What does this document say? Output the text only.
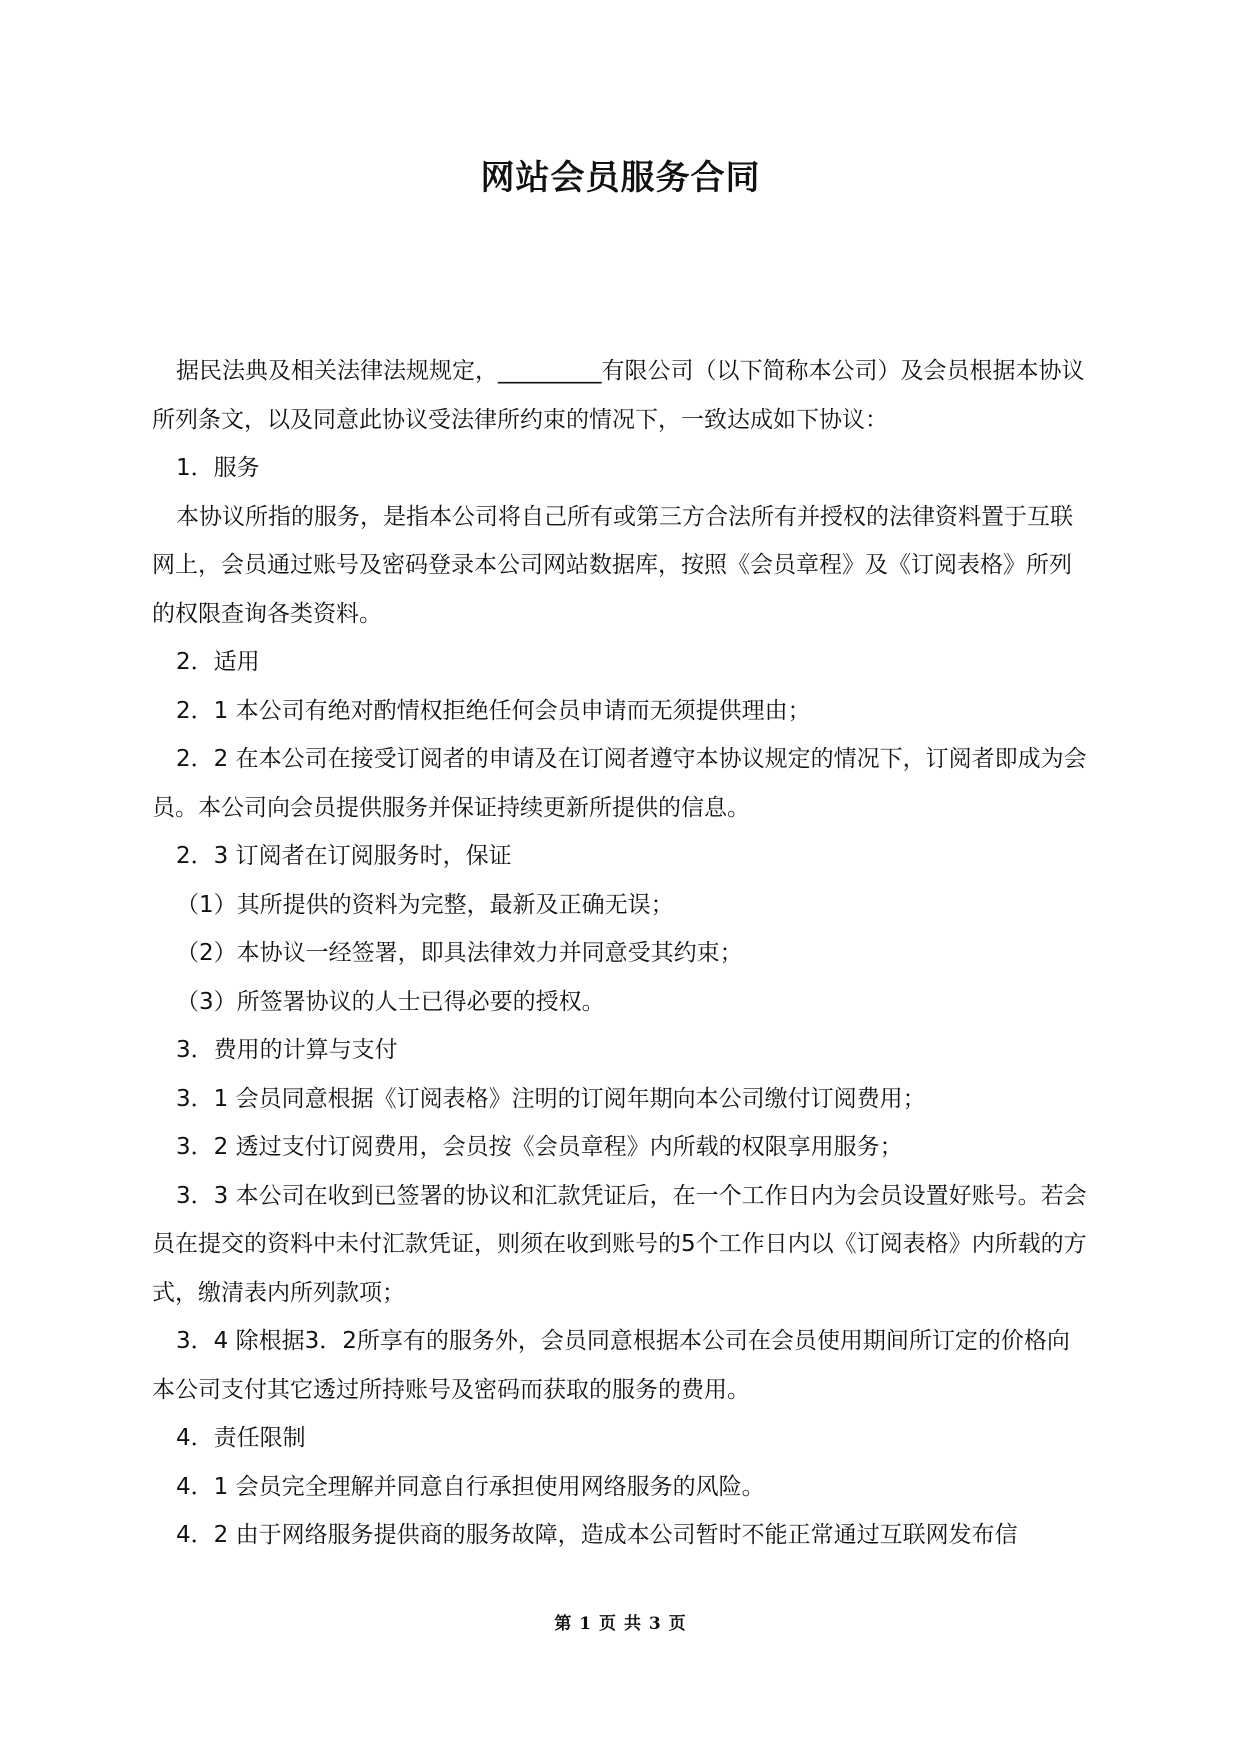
网站会员服务合同

据民法典及相关法律法规规定，_________有限公司（以下简称本公司）及会员根据本协议所列条文，以及同意此协议受法律所约束的情况下，一致达成如下协议：

1．服务

本协议所指的服务，是指本公司将自己所有或第三方合法所有并授权的法律资料置于互联网上，会员通过账号及密码登录本公司网站数据库，按照《会员章程》及《订阅表格》所列的权限查询各类资料。

2．适用

2．1 本公司有绝对酌情权拒绝任何会员申请而无须提供理由；

2．2 在本公司在接受订阅者的申请及在订阅者遵守本协议规定的情况下，订阅者即成为会员。本公司向会员提供服务并保证持续更新所提供的信息。

2．3 订阅者在订阅服务时，保证

（1）其所提供的资料为完整，最新及正确无误；

（2）本协议一经签署，即具法律效力并同意受其约束；

（3）所签署协议的人士已得必要的授权。

3．费用的计算与支付

3．1 会员同意根据《订阅表格》注明的订阅年期向本公司缴付订阅费用；

3．2 透过支付订阅费用，会员按《会员章程》内所载的权限享用服务；

3．3 本公司在收到已签署的协议和汇款凭证后，在一个工作日内为会员设置好账号。若会员在提交的资料中未付汇款凭证，则须在收到账号的5个工作日内以《订阅表格》内所载的方式，缴清表内所列款项；

3．4 除根据3．2所享有的服务外，会员同意根据本公司在会员使用期间所订定的价格向本公司支付其它透过所持账号及密码而获取的服务的费用。

4．责任限制

4．1 会员完全理解并同意自行承担使用网络服务的风险。

4．2 由于网络服务提供商的服务故障，造成本公司暂时不能正常通过互联网发布信

第 1 页 共 3 页
